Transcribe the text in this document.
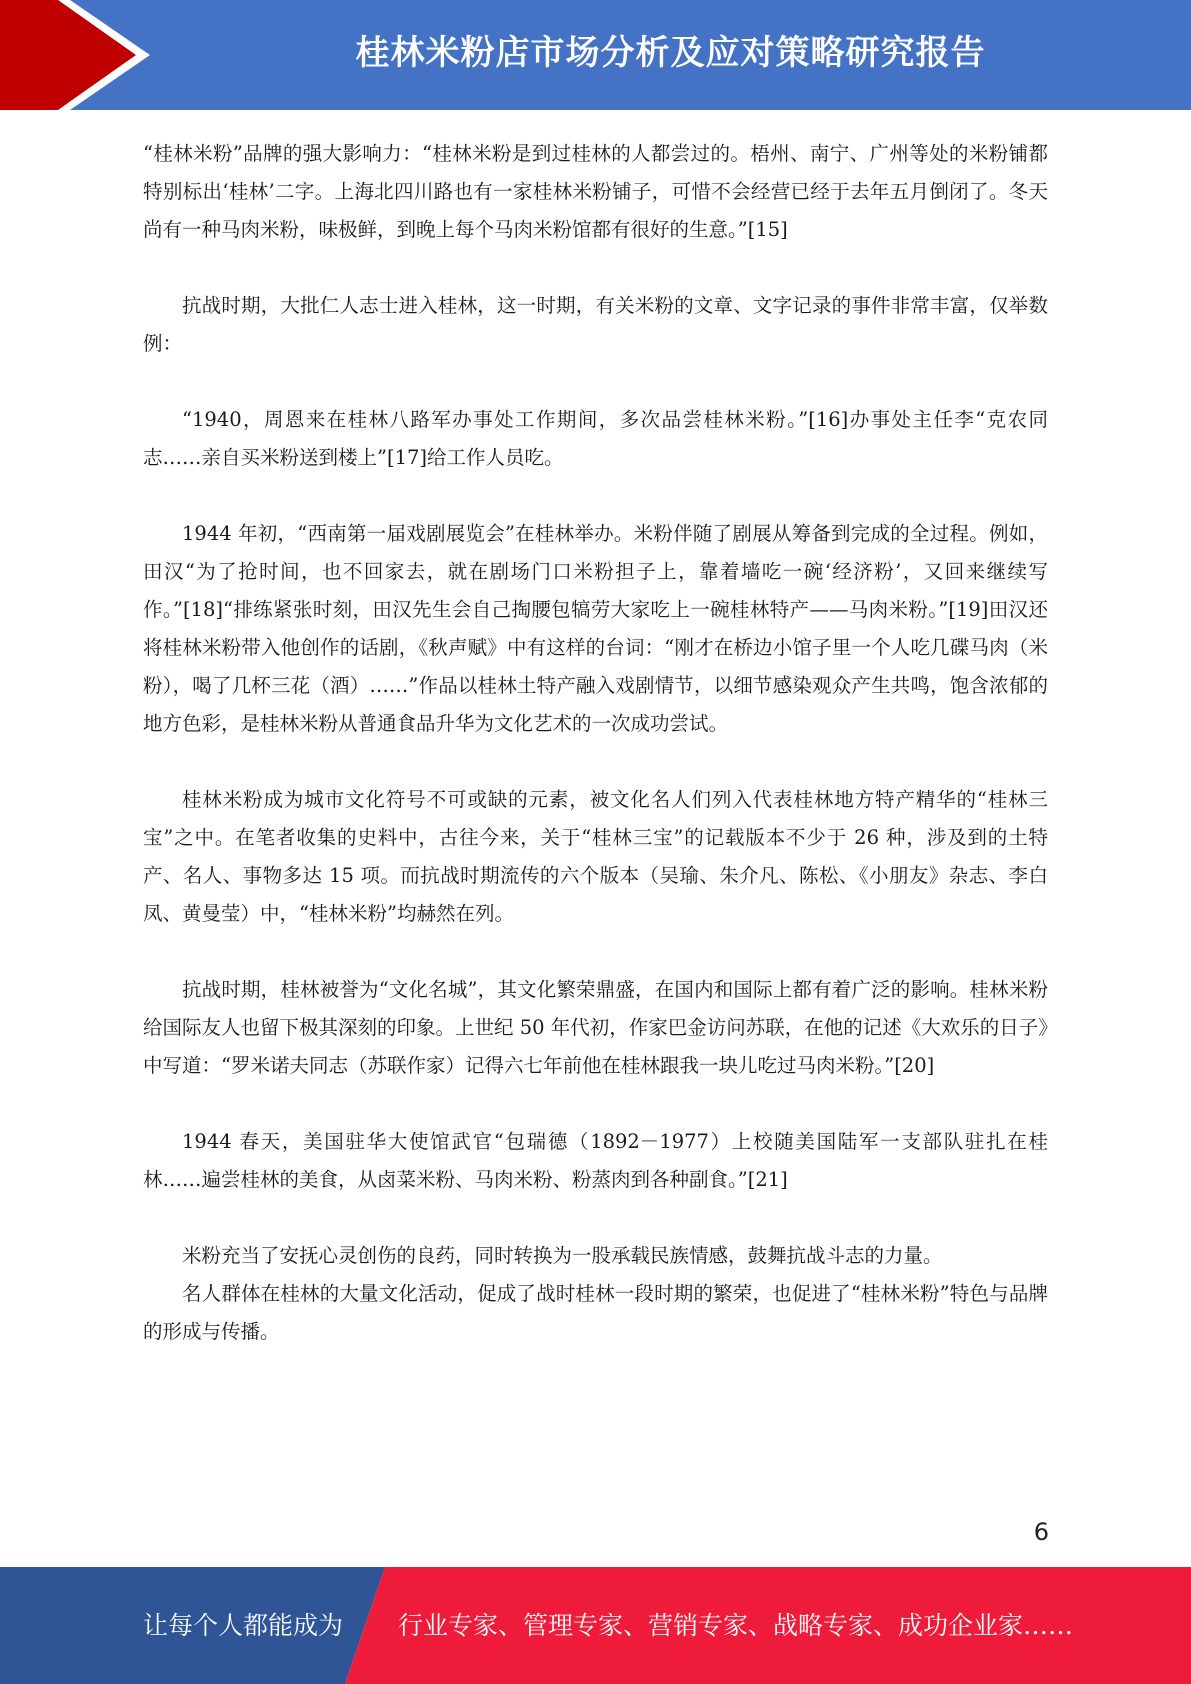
桂林米粉店市场分析及应对策略研究报告

“桂林米粉”品牌的强大影响力：“桂林米粉是到过桂林的人都尝过的。梧州、南宁、广州等处的米粉铺都特别标出‘桂林’二字。上海北四川路也有一家桂林米粉铺子，可惜不会经营已经于去年五月倒闭了。冬天尚有一种马肉米粉，味极鲜，到晚上每个马肉米粉馆都有很好的生意。”[15]

抗战时期，大批仁人志士进入桂林，这一时期，有关米粉的文章、文字记录的事件非常丰富，仅举数例：

“1940，周恩来在桂林八路军办事处工作期间，多次品尝桂林米粉。”[16]办事处主任李“克农同志……亲自买米粉送到楼上”[17]给工作人员吃。

1944 年初，“西南第一届戏剧展览会”在桂林举办。米粉伴随了剧展从筹备到完成的全过程。例如，田汉“为了抢时间，也不回家去，就在剧场门口米粉担子上，靠着墙吃一碗‘经济粉’，又回来继续写作。”[18]“排练紧张时刻，田汉先生会自己掏腰包犒劳大家吃上一碗桂林特产——马肉米粉。”[19]田汉还将桂林米粉带入他创作的话剧，《秋声赋》中有这样的台词：“刚才在桥边小馆子里一个人吃几碟马肉（米粉），喝了几杯三花（酒）……”作品以桂林土特产融入戏剧情节，以细节感染观众产生共鸣，饱含浓郁的地方色彩，是桂林米粉从普通食品升华为文化艺术的一次成功尝试。

桂林米粉成为城市文化符号不可或缺的元素，被文化名人们列入代表桂林地方特产精华的“桂林三宝”之中。在笔者收集的史料中，古往今来，关于“桂林三宝”的记载版本不少于 26 种，涉及到的土特产、名人、事物多达 15 项。而抗战时期流传的六个版本（吴瑜、朱介凡、陈松、《小朋友》杂志、李白凤、黄曼莹）中，“桂林米粉”均赫然在列。

抗战时期，桂林被誉为“文化名城”，其文化繁荣鼎盛，在国内和国际上都有着广泛的影响。桂林米粉给国际友人也留下极其深刻的印象。上世纪 50 年代初，作家巴金访问苏联，在他的记述《大欢乐的日子》中写道：“罗米诺夫同志（苏联作家）记得六七年前他在桂林跟我一块儿吃过马肉米粉。”[20]

1944 春天，美国驻华大使馆武官“包瑞德（1892－1977）上校随美国陆军一支部队驻扎在桂林……遍尝桂林的美食，从卤菜米粉、马肉米粉、粉蒸肉到各种副食。”[21]

米粉充当了安抚心灵创伤的良药，同时转换为一股承载民族情感，鼓舞抗战斗志的力量。
名人群体在桂林的大量文化活动，促成了战时桂林一段时期的繁荣，也促进了“桂林米粉”特色与品牌的形成与传播。

6
让每个人都能成为 行业专家、管理专家、营销专家、战略专家、成功企业家……
